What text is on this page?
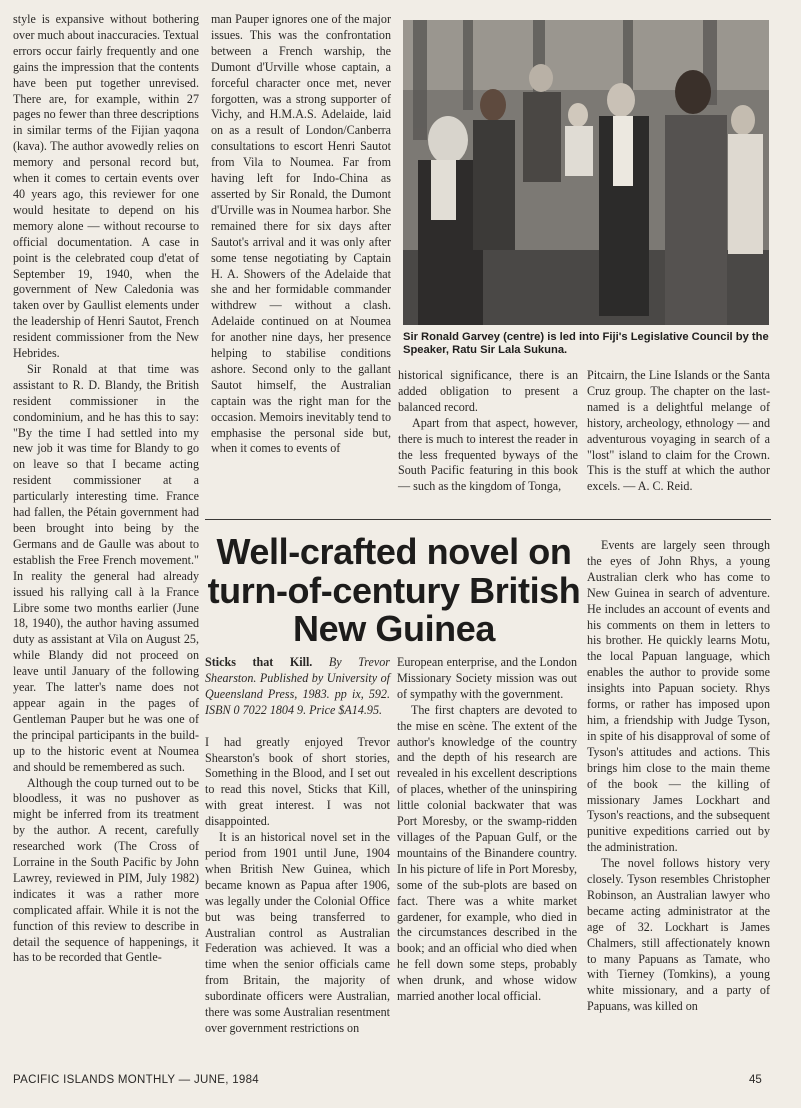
style is expansive without bothering over much about inaccuracies. Textual errors occur fairly frequently and one gains the impression that the contents have been put together unrevised. There are, for example, within 27 pages no fewer than three descriptions in similar terms of the Fijian yaqona (kava). The author avowedly relies on memory and personal record but, when it comes to certain events over 40 years ago, this reviewer for one would hesitate to depend on his memory alone — without recourse to official documentation. A case in point is the celebrated coup d'etat of September 19, 1940, when the government of New Caledonia was taken over by Gaullist elements under the leadership of Henri Sautot, French resident commissioner from the New Hebrides.

Sir Ronald at that time was assistant to R. D. Blandy, the British resident commissioner in the condominium, and he has this to say: "By the time I had settled into my new job it was time for Blandy to go on leave so that I became acting resident commissioner at a particularly interesting time. France had fallen, the Pétain government had been brought into being by the Germans and de Gaulle was about to establish the Free French movement." In reality the general had already issued his rallying call à la France Libre some two months earlier (June 18, 1940), the author having assumed duty as assistant at Vila on August 25, while Blandy did not proceed on leave until January of the following year. The latter's name does not appear again in the pages of Gentleman Pauper but he was one of the principal participants in the build-up to the historic event at Noumea and should be remembered as such.

Although the coup turned out to be bloodless, it was no pushover as might be inferred from its treatment by the author. A recent, carefully researched work (The Cross of Lorraine in the South Pacific by John Lawrey, reviewed in PIM, July 1982) indicates it was a rather more complicated affair. While it is not the function of this review to describe in detail the sequence of happenings, it has to be recorded that Gentle-

man Pauper ignores one of the major issues. This was the confrontation between a French warship, the Dumont d'Urville whose captain, a forceful character once met, never forgotten, was a strong supporter of Vichy, and H.M.A.S. Adelaide, laid on as a result of London/Canberra consultations to escort Henri Sautot from Vila to Noumea. Far from having left for Indo-China as asserted by Sir Ronald, the Dumont d'Urville was in Noumea harbor. She remained there for six days after Sautot's arrival and it was only after some tense negotiating by Captain H. A. Showers of the Adelaide that she and her formidable commander withdrew — without a clash. Adelaide continued on at Noumea for another nine days, her presence helping to stabilise conditions ashore. Second only to the gallant Sautot himself, the Australian captain was the right man for the occasion. Memoirs inevitably tend to emphasise the personal side but, when it comes to events of

Sir Ronald Garvey (centre) is led into Fiji's Legislative Council by the Speaker, Ratu Sir Lala Sukuna.

historical significance, there is an added obligation to present a balanced record.

Apart from that aspect, however, there is much to interest the reader in the less frequented byways of the South Pacific featuring in this book — such as the kingdom of Tonga,

Pitcairn, the Line Islands or the Santa Cruz group. The chapter on the last-named is a delightful melange of history, archeology, ethnology — and adventurous voyaging in search of a "lost" island to claim for the Crown. This is the stuff at which the author excels. — A. C. Reid.

Well-crafted novel on turn-of-century British New Guinea

Sticks that Kill. By Trevor Shearston. Published by University of Queensland Press, 1983. pp ix, 592. ISBN 0 7022 1804 9. Price $A14.95.

I had greatly enjoyed Trevor Shearston's book of short stories, Something in the Blood, and I set out to read this novel, Sticks that Kill, with great interest. I was not disappointed.

It is an historical novel set in the period from 1901 until June, 1904 when British New Guinea, which became known as Papua after 1906, was legally under the Colonial Office but was being transferred to Australian control as Australian Federation was achieved. It was a time when the senior officials came from Britain, the majority of subordinate officers were Australian, there was some Australian resentment over government restrictions on

European enterprise, and the London Missionary Society mission was out of sympathy with the government.

The first chapters are devoted to the mise en scène. The extent of the author's knowledge of the country and the depth of his research are revealed in his excellent descriptions of places, whether of the uninspiring little colonial backwater that was Port Moresby, or the swamp-ridden villages of the Papuan Gulf, or the mountains of the Binandere country. In his picture of life in Port Moresby, some of the sub-plots are based on fact. There was a white market gardener, for example, who died in the circumstances described in the book; and an official who died when he fell down some steps, probably when drunk, and whose widow married another local official.

Events are largely seen through the eyes of John Rhys, a young Australian clerk who has come to New Guinea in search of adventure. He includes an account of events and his comments on them in letters to his brother. He quickly learns Motu, the local Papuan language, which enables the author to provide some insights into Papuan society. Rhys forms, or rather has imposed upon him, a friendship with Judge Tyson, in spite of his disapproval of some of Tyson's attitudes and actions. This brings him close to the main theme of the book — the killing of missionary James Lockhart and Tyson's reactions, and the subsequent punitive expeditions carried out by the administration.

The novel follows history very closely. Tyson resembles Christopher Robinson, an Australian lawyer who became acting administrator at the age of 32. Lockhart is James Chalmers, still affectionately known to many Papuans as Tamate, who with Tierney (Tomkins), a young white missionary, and a party of Papuans, was killed on

PACIFIC ISLANDS MONTHLY — JUNE, 1984	45
